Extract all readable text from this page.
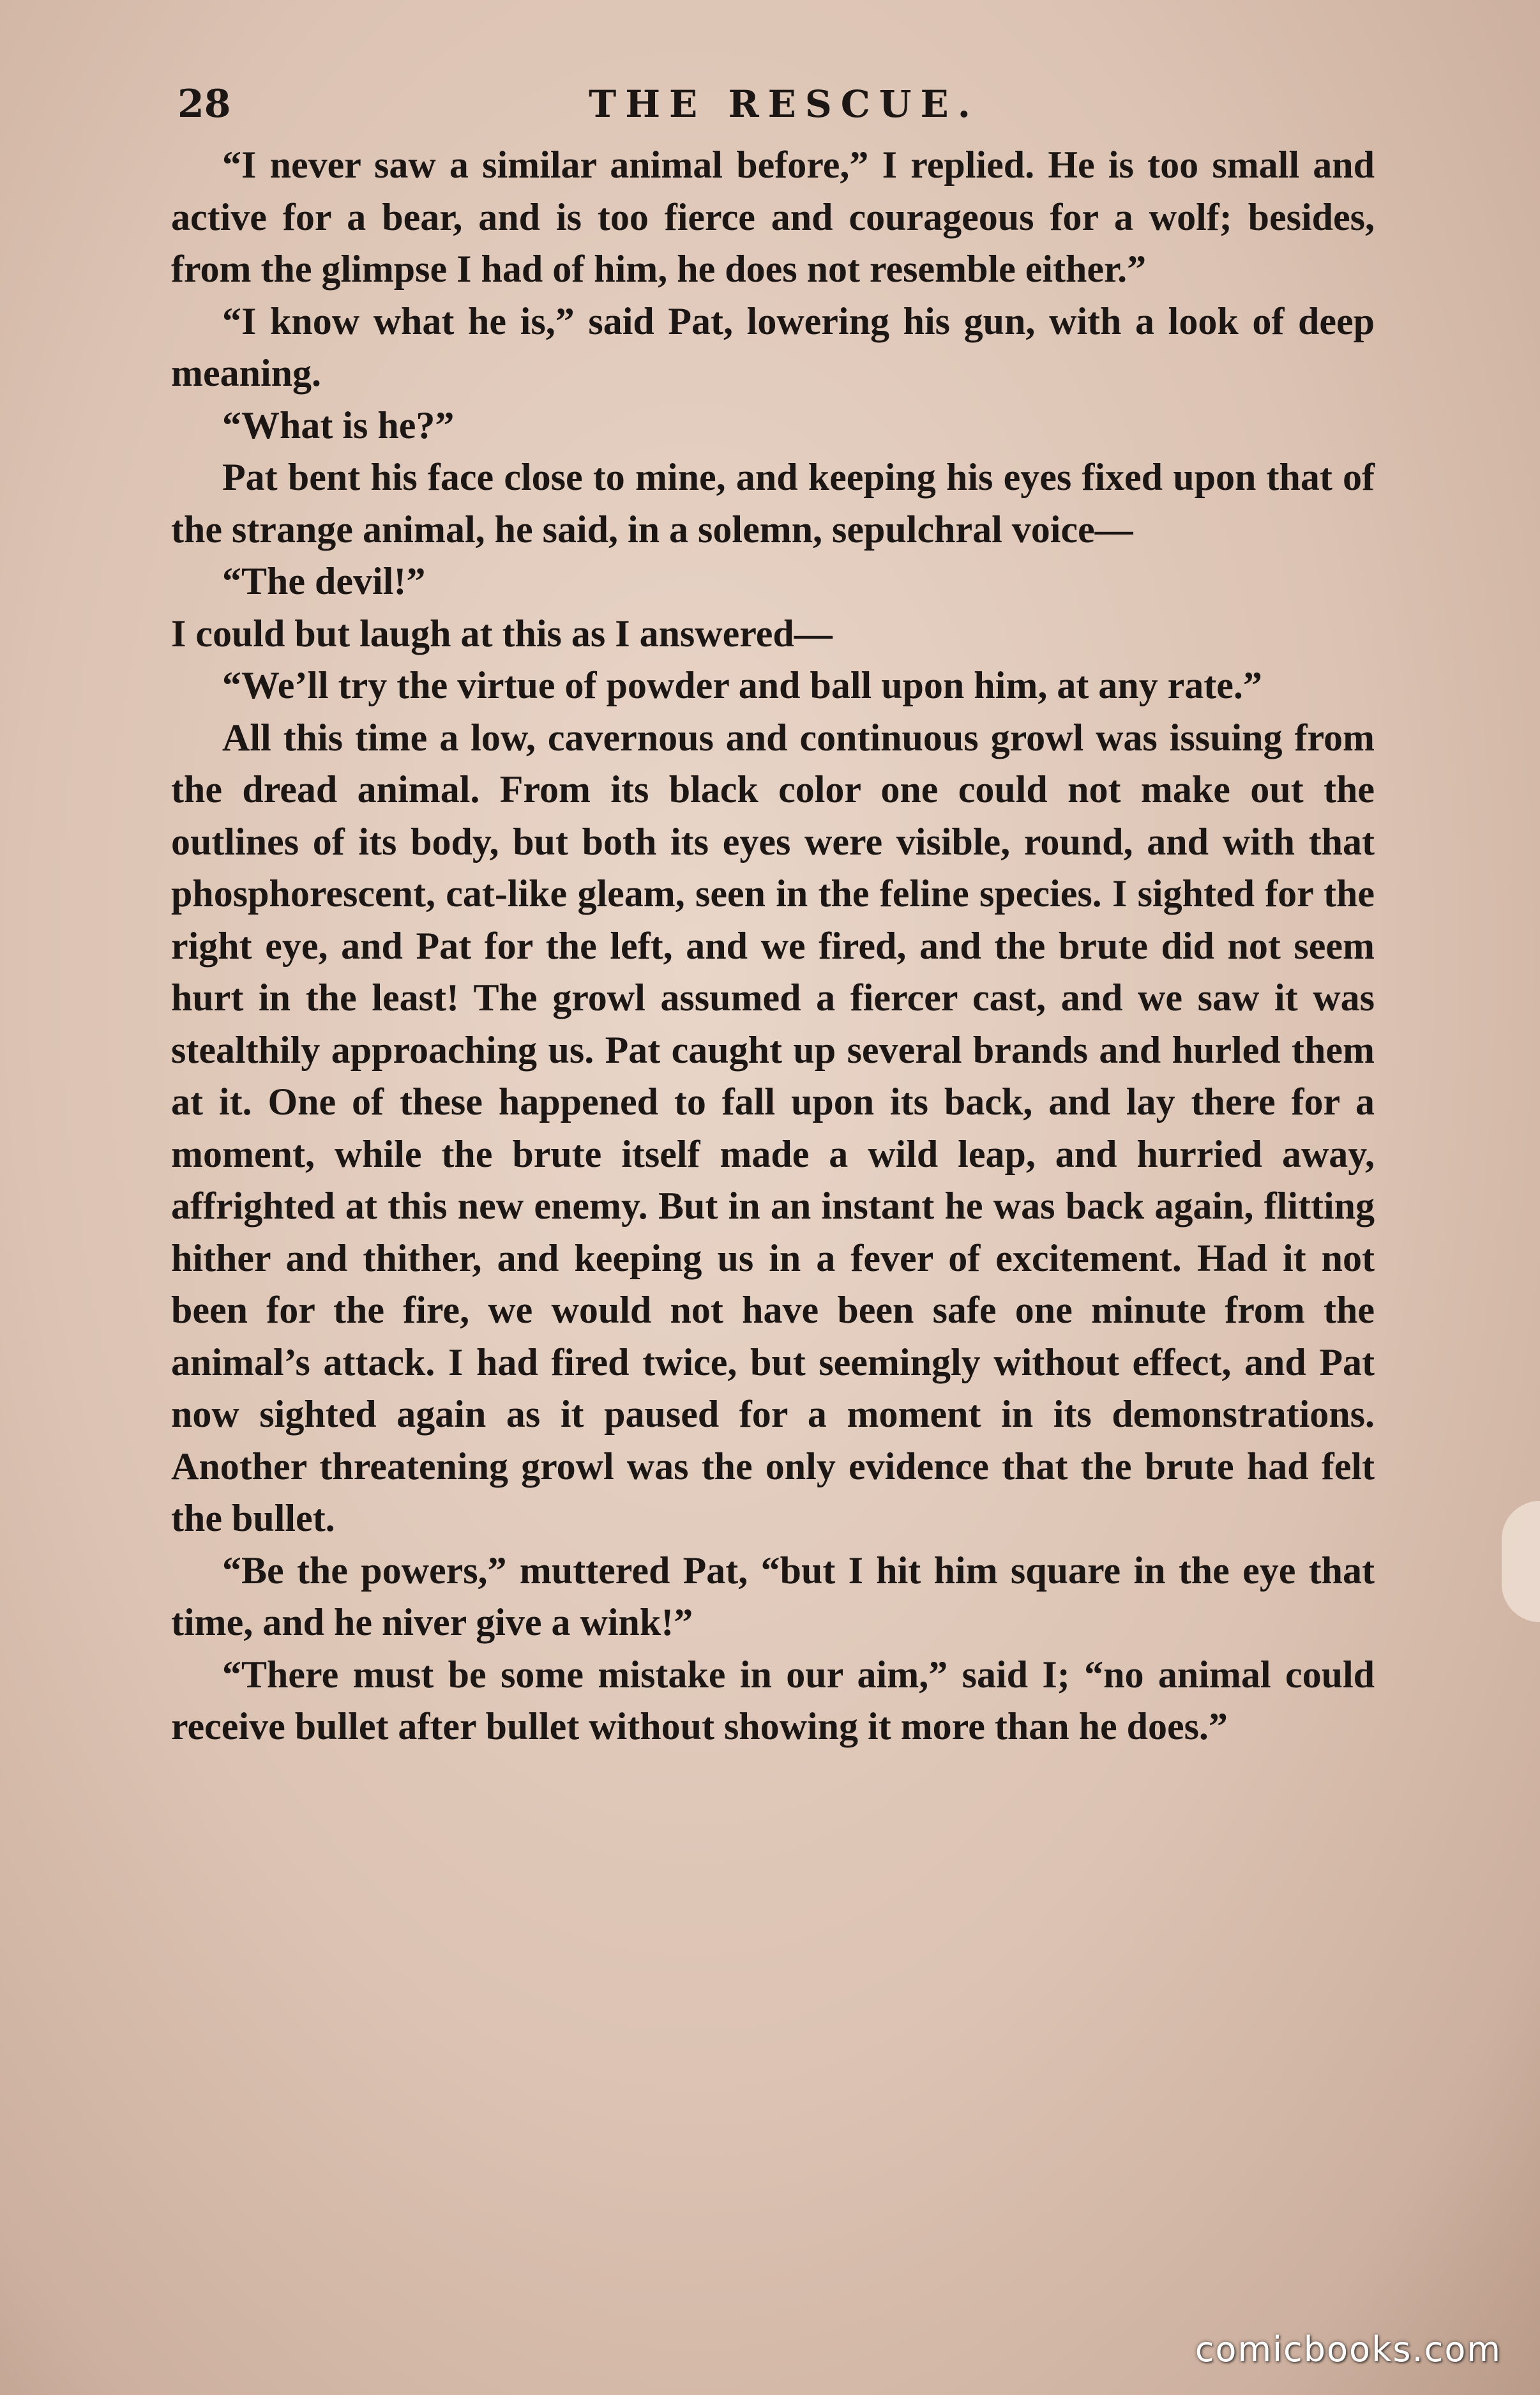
28	THE RESCUE.

“I never saw a similar animal before,” I replied. He is too small and active for a bear, and is too fierce and courageous for a wolf; besides, from the glimpse I had of him, he does not resemble either.”

“I know what he is,” said Pat, lowering his gun, with a look of deep meaning.

“What is he?”

Pat bent his face close to mine, and keeping his eyes fixed upon that of the strange animal, he said, in a solemn, sepulchral voice—

“The devil!”

I could but laugh at this as I answered—

“We’ll try the virtue of powder and ball upon him, at any rate.”

All this time a low, cavernous and continuous growl was issuing from the dread animal. From its black color one could not make out the outlines of its body, but both its eyes were visible, round, and with that phosphorescent, cat-like gleam, seen in the feline species. I sighted for the right eye, and Pat for the left, and we fired, and the brute did not seem hurt in the least! The growl assumed a fiercer cast, and we saw it was stealthily approaching us. Pat caught up several brands and hurled them at it. One of these happened to fall upon its back, and lay there for a moment, while the brute itself made a wild leap, and hurried away, affrighted at this new enemy. But in an instant he was back again, flitting hither and thither, and keeping us in a fever of excitement. Had it not been for the fire, we would not have been safe one minute from the animal’s attack. I had fired twice, but seemingly without effect, and Pat now sighted again as it paused for a moment in its demonstrations. Another threatening growl was the only evidence that the brute had felt the bullet.

“Be the powers,” muttered Pat, “but I hit him square in the eye that time, and he niver give a wink!”

“There must be some mistake in our aim,” said I; “no animal could receive bullet after bullet without showing it more than he does.”

comicbooks.com
